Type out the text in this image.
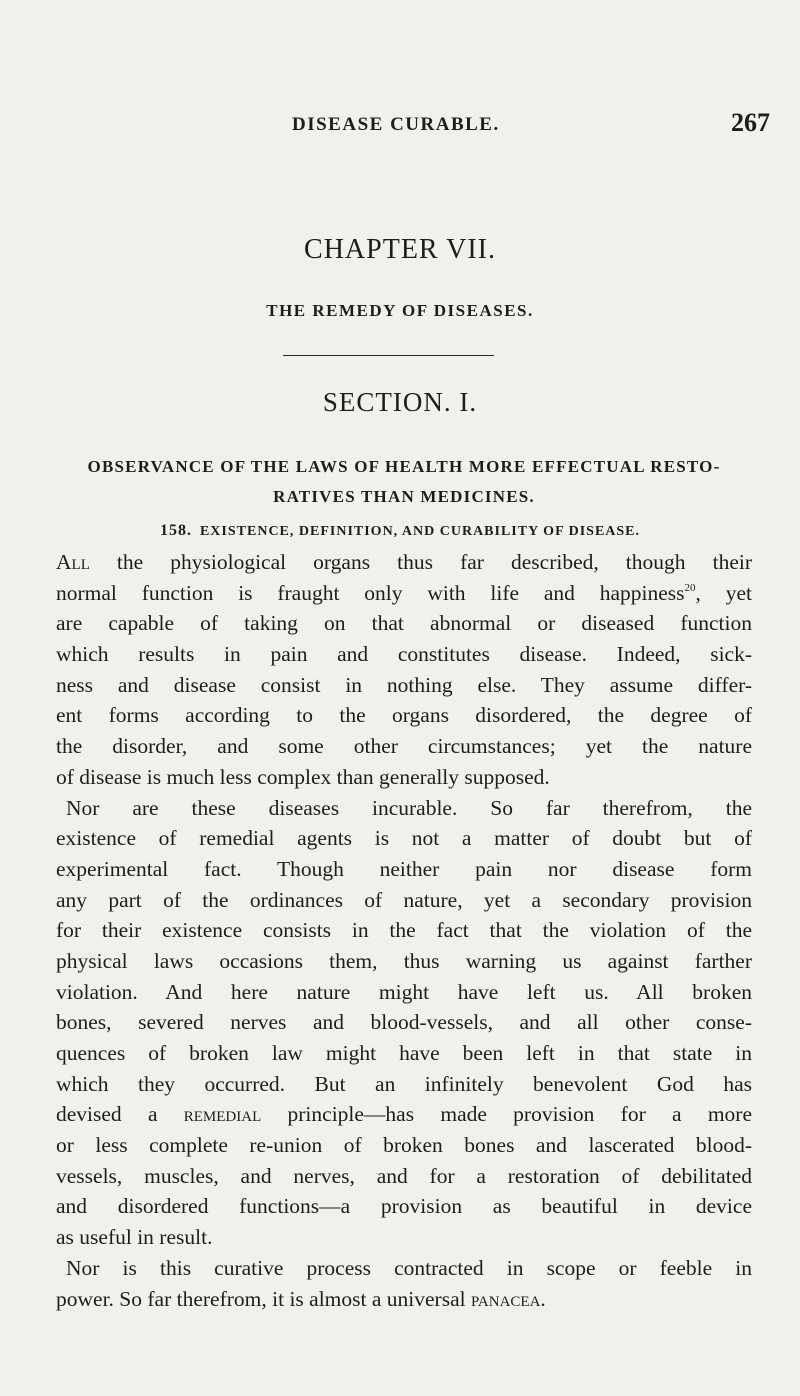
DISEASE CURABLE.	267
CHAPTER VII.
THE REMEDY OF DISEASES.
SECTION. I.
OBSERVANCE OF THE LAWS OF HEALTH MORE EFFECTUAL RESTO-
RATIVES THAN MEDICINES.
158. EXISTENCE, DEFINITION, AND CURABILITY OF DISEASE.
All the physiological organs thus far described, though their
normal function is fraught only with life and happiness$^{20}$, yet
are capable of taking on that abnormal or diseased function
which results in pain and constitutes disease. Indeed, sick-
ness and disease consist in nothing else. They assume differ-
ent forms according to the organs disordered, the degree of
the disorder, and some other circumstances; yet the nature
of disease is much less complex than generally supposed.
Nor are these diseases incurable. So far therefrom, the
existence of remedial agents is not a matter of doubt but of
experimental fact. Though neither pain nor disease form
any part of the ordinances of nature, yet a secondary provision
for their existence consists in the fact that the violation of the
physical laws occasions them, thus warning us against farther
violation. And here nature might have left us. All broken
bones, severed nerves and blood-vessels, and all other conse-
quences of broken law might have been left in that state in
which they occurred. But an infinitely benevolent God has
devised a remedial principle—has made provision for a more
or less complete re-union of broken bones and lascerated blood-
vessels, muscles, and nerves, and for a restoration of debilitated
and disordered functions—a provision as beautiful in device
as useful in result.
Nor is this curative process contracted in scope or feeble in
power. So far therefrom, it is almost a universal panacea.
